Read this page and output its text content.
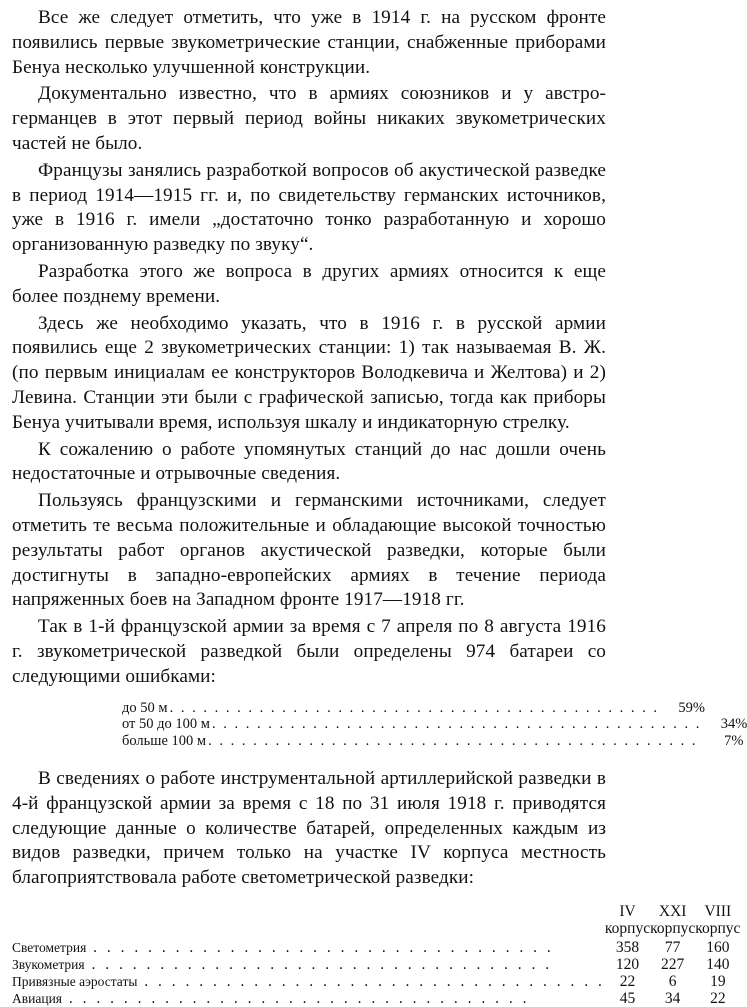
Все же следует отметить, что уже в 1914 г. на русском фронте появились первые звукометрические станции, снабженные приборами Бенуа несколько улучшенной конструкции.

Документально известно, что в армиях союзников и у австро-германцев в этот первый период войны никаких звукометрических частей не было.

Французы занялись разработкой вопросов об акустической разведке в период 1914—1915 гг. и, по свидетельству германских источников, уже в 1916 г. имели „достаточно тонко разработанную и хорошо организованную разведку по звуку“.

Разработка этого же вопроса в других армиях относится к еще более позднему времени.

Здесь же необходимо указать, что в 1916 г. в русской армии появились еще 2 звукометрических станции: 1) так называемая В. Ж. (по первым инициалам ее конструкторов Володкевича и Желтова) и 2) Левина. Станции эти были с графической записью, тогда как приборы Бенуа учитывали время, используя шкалу и индикаторную стрелку.

К сожалению о работе упомянутых станций до нас дошли очень недостаточные и отрывочные сведения.

Пользуясь французскими и германскими источниками, следует отметить те весьма положительные и обладающие высокой точностью результаты работ органов акустической разведки, которые были достигнуты в западно-европейских армиях в течение периода напряженных боев на Западном фронте 1917—1918 гг.

Так в 1-й французской армии за время с 7 апреля по 8 августа 1916 г. звукометрической разведкой были определены 974 батареи со следующими ошибками:

до 50 м . . .	59%
от 50 до 100 м . . .	34%
больше 100 м . . .	7%

В сведениях о работе инструментальной артиллерийской разведки в 4-й французской армии за время с 18 по 31 июля 1918 г. приводятся следующие данные о количестве батарей, определенных каждым из видов разведки, причем только на участке IV корпуса местность благоприятствовала работе светометрической разведки:

	IV корпус	XXI корпус	VIII корпус
Светометрия . . .	358	77	160
Звукометрия . . .	120	227	140
Привязные аэростаты . . .	22	6	19
Авиация . . .	45	34	22
